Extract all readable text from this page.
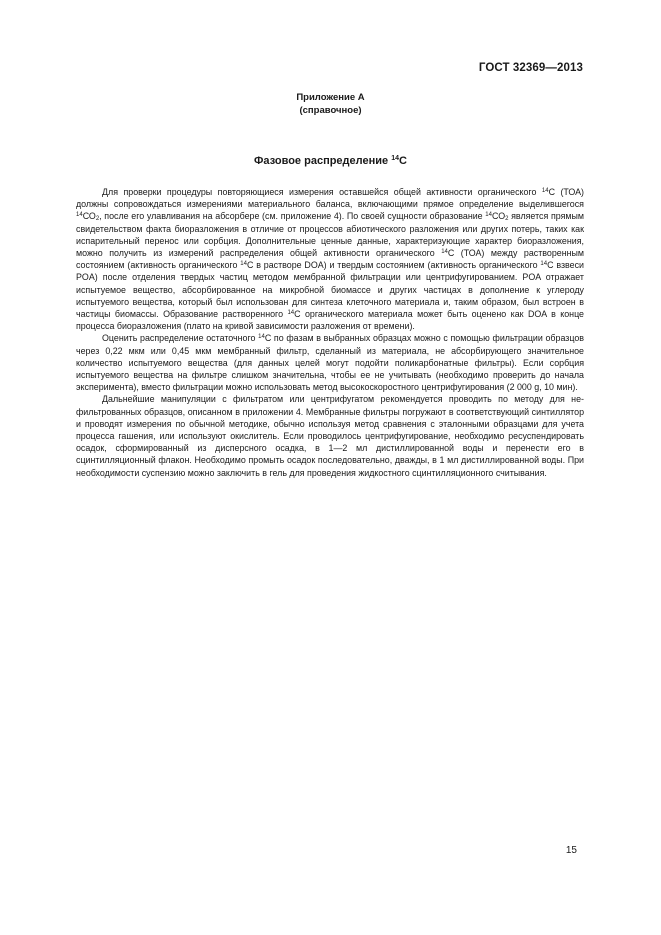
ГОСТ 32369—2013
Приложение А
(справочное)
Фазовое распределение $^{14}$С

Для проверки процедуры повторяющиеся измерения оставшейся общей активности органического $^{14}$С (ТОА) должны сопровождаться измерениями материального баланса, включающими прямое определение выделившегося $^{14}СО_2$, после его улавливания на абсорбере (см. приложение 4). По своей сущности образование $^{14}СО_2$ является прямым свидетельством факта биоразложения в отличие от процессов абиотического разложения или других потерь, таких как испарительный перенос или сорбция. Дополнительные ценные данные, характеризующие характер биоразложения, можно получить из измерений распределения общей активности органического $^{14}$С (ТОА) между растворенным состоянием (активность органического $^{14}$С в растворе DOA) и твердым состоянием (активность органического $^{14}$С взвеси POA) после отделения твердых частиц методом мембранной фильтрации или центрифугированием. POA отражает испытуемое вещество, абсорбированное на микробной биомассе и других частицах в дополнение к углероду испытуемого вещества, который был использован для синтеза клеточного материала и, таким образом, был встроен в частицы биомассы. Образование растворенного $^{14}$С органического материала может быть оценено как DOA в конце процесса биоразложения (плато на кривой зависимости разложения от времени).

Оценить распределение остаточного $^{14}$С по фазам в выбранных образцах можно с помощью фильтрации образцов через 0,22 мкм или 0,45 мкм мембранный фильтр, сделанный из материала, не абсорбирующего значительное количество испытуемого вещества (для данных целей могут подойти поликарбонатные фильтры). Если сорбция испытуемого вещества на фильтре слишком значительна, чтобы ее не учитывать (необходимо проверить до начала эксперимента), вместо фильтрации можно использовать метод высокоскоростного центрифугирования (2 000 g, 10 мин).

Дальнейшие манипуляции с фильтратом или центрифугатом рекомендуется проводить по методу для нефильтрованных образцов, описанном в приложении 4. Мембранные фильтры погружают в соответствующий синтиллятор и проводят измерения по обычной методике, обычно используя метод сравнения с эталонными образцами для учета процесса гашения, или используют окислитель. Если проводилось центрифугирование, необходимо ресуспендировать осадок, сформированный из дисперсного осадка, в 1—2 мл дистиллированной воды и перенести его в сцинтилляционный флакон. Необходимо промыть осадок последовательно, дважды, в 1 мл дистиллированной воды. При необходимости суспензию можно заключить в гель для проведения жидкостного сцинтилляционного считывания.

15
